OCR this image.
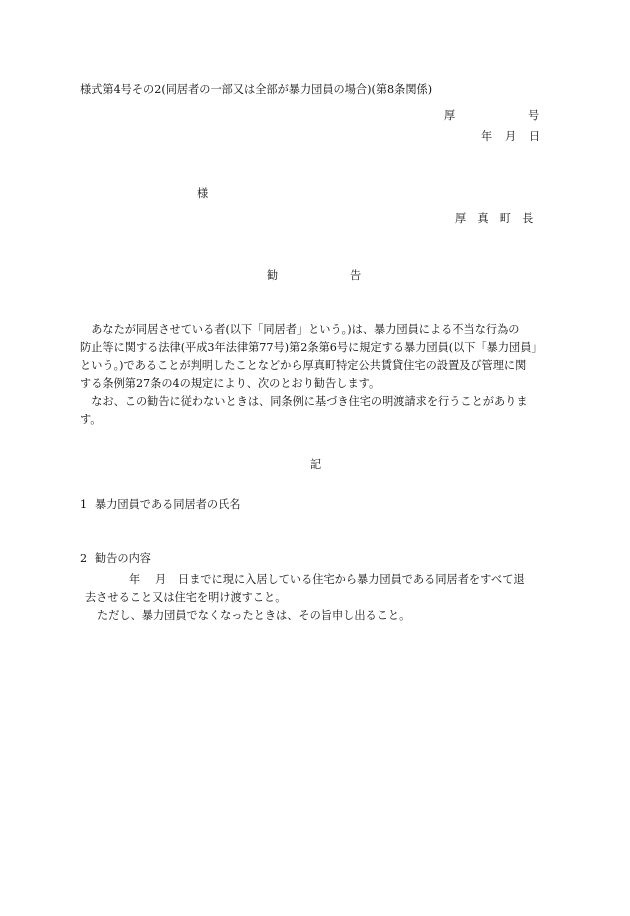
様式第4号その2(同居者の一部又は全部が暴力団員の場合)(第8条関係)
厚	号
年 月 日
様
厚　真　町　長
勧	告
　あなたが同居させている者(以下「同居者」という。)は、暴力団員による不当な行為の
防止等に関する法律(平成3年法律第77号)第2条第6号に規定する暴力団員(以下「暴力団員」
という。)であることが判明したことなどから厚真町特定公共賃貸住宅の設置及び管理に関
する条例第27条の4の規定により、次のとおり勧告します。
　なお、この勧告に従わないときは、同条例に基づき住宅の明渡請求を行うことがありま
す。
記
1 暴力団員である同居者の氏名
2 勧告の内容
年 月 日までに現に入居している住宅から暴力団員である同居者をすべて退
去させること又は住宅を明け渡すこと。
ただし、暴力団員でなくなったときは、その旨申し出ること。
